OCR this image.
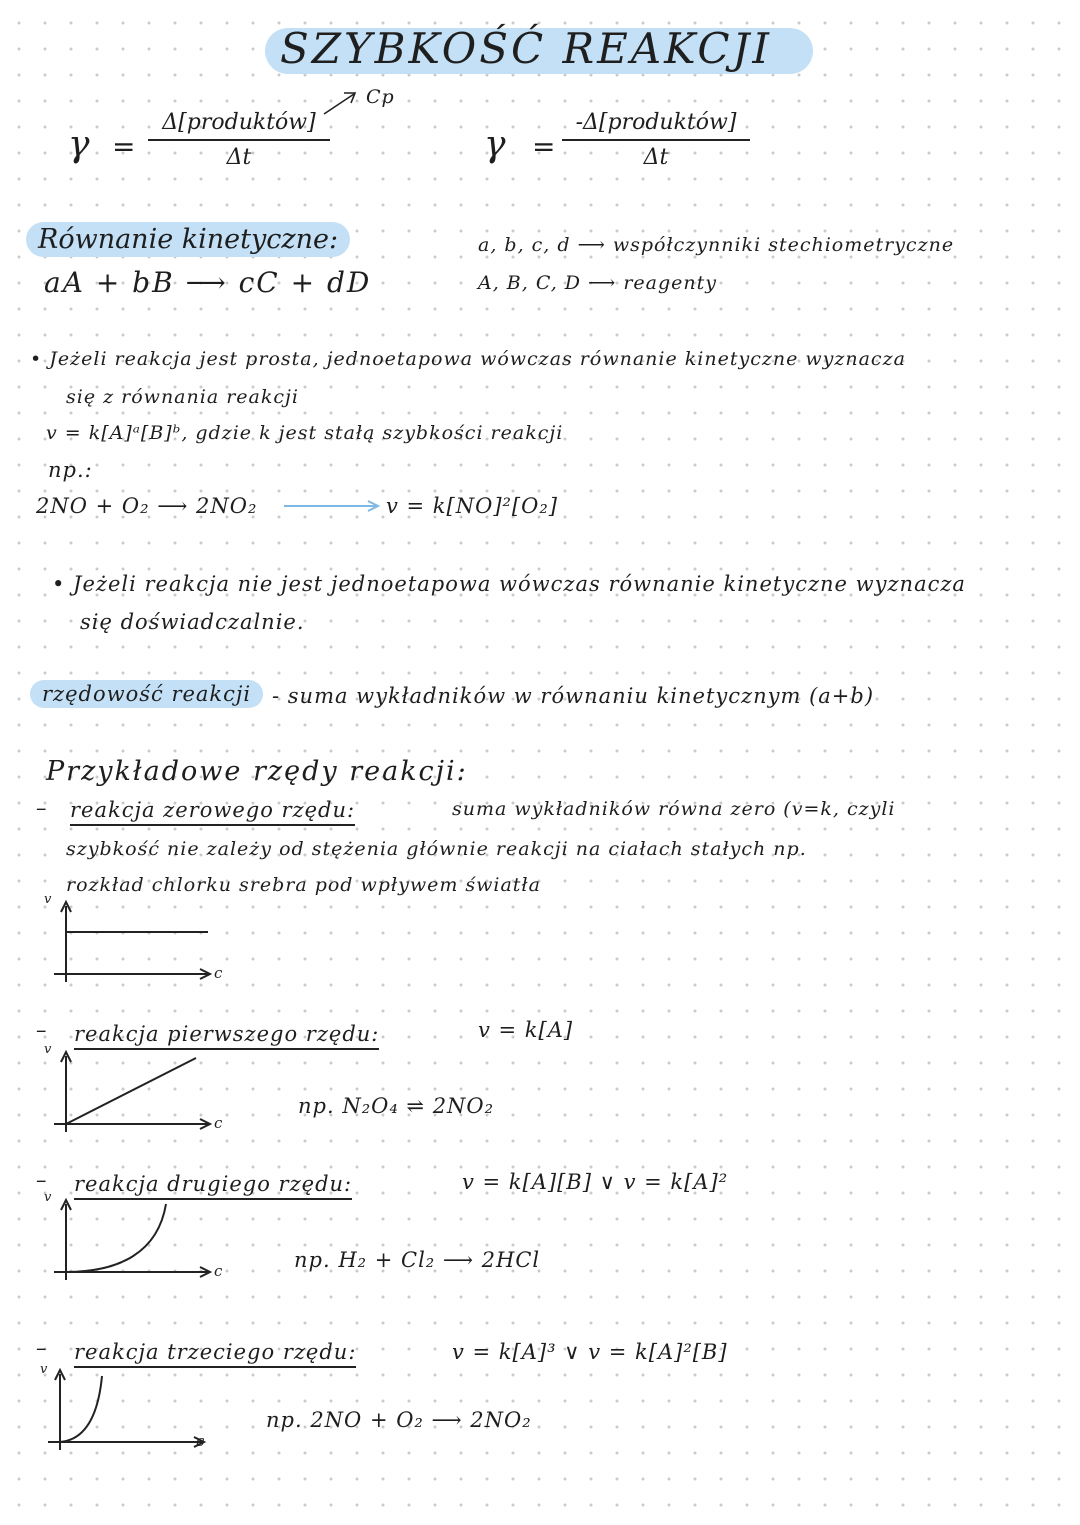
SZYBKOŚĆ REAKCJI
γ =
Δ[produktów]
Δt
Cp
γ =
-Δ[produktów]
Δt
Równanie kinetyczne:
aA + bB ⟶ cC + dD
a, b, c, d ⟶ współczynniki stechiometryczne
A, B, C, D ⟶ reagenty
• Jeżeli reakcja jest prosta, jednoetapowa wówczas równanie kinetyczne wyznacza
się z równania reakcji
v = k[A]ᵃ[B]ᵇ, gdzie k jest stałą szybkości reakcji
np.:
2NO + O₂ ⟶ 2NO₂	v = k[NO]²[O₂]
• Jeżeli reakcja nie jest jednoetapowa wówczas równanie kinetyczne wyznacza
się doświadczalnie.
rzędowość reakcji - suma wykładników w równaniu kinetycznym (a+b)
Przykładowe rzędy reakcji:
– reakcja zerowego rzędu:	suma wykładników równa zero (v=k, czyli
szybkość nie zależy od stężenia głównie reakcji na ciałach stałych np.
rozkład chlorku srebra pod wpływem światła
v
c
– reakcja pierwszego rzędu:	v = k[A]
v
c
np. N₂O₄ ⇌ 2NO₂
– reakcja drugiego rzędu:	v = k[A][B] ∨ v = k[A]²
v
c	np. H₂ + Cl₂ ⟶ 2HCl
– reakcja trzeciego rzędu:	v = k[A]³ ∨ v = k[A]²[B]
v
c
np. 2NO + O₂ ⟶ 2NO₂
